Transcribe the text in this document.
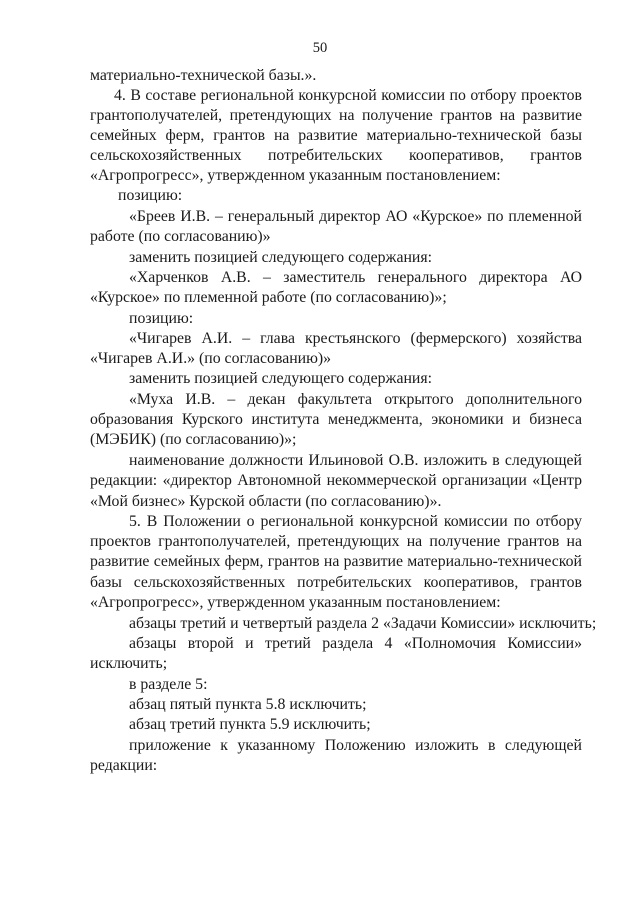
50
материально-технической базы.».
4. В составе региональной конкурсной комиссии по отбору проектов
грантополучателей, претендующих на получение грантов на развитие
семейных ферм, грантов на развитие материально-технической базы
сельскохозяйственных потребительских кооперативов, грантов
«Агропрогресс», утвержденном указанным постановлением:
позицию:
«Бреев И.В. – генеральный директор АО «Курское» по племенной
работе (по согласованию)»
заменить позицией следующего содержания:
«Харченков А.В. – заместитель генерального директора АО
«Курское» по племенной работе (по согласованию)»;
позицию:
«Чигарев А.И. – глава крестьянского (фермерского) хозяйства
«Чигарев А.И.» (по согласованию)»
заменить позицией следующего содержания:
«Муха И.В. – декан факультета открытого дополнительного
образования Курского института менеджмента, экономики и бизнеса
(МЭБИК) (по согласованию)»;
наименование должности Ильиновой О.В. изложить в следующей
редакции: «директор Автономной некоммерческой организации «Центр
«Мой бизнес» Курской области (по согласованию)».
5. В Положении о региональной конкурсной комиссии по отбору
проектов грантополучателей, претендующих на получение грантов на
развитие семейных ферм, грантов на развитие материально-технической
базы сельскохозяйственных потребительских кооперативов, грантов
«Агропрогресс», утвержденном указанным постановлением:
абзацы третий и четвертый раздела 2 «Задачи Комиссии» исключить;
абзацы второй и третий раздела 4 «Полномочия Комиссии»
исключить;
в разделе 5:
абзац пятый пункта 5.8 исключить;
абзац третий пункта 5.9 исключить;
приложение к указанному Положению изложить в следующей
редакции:
